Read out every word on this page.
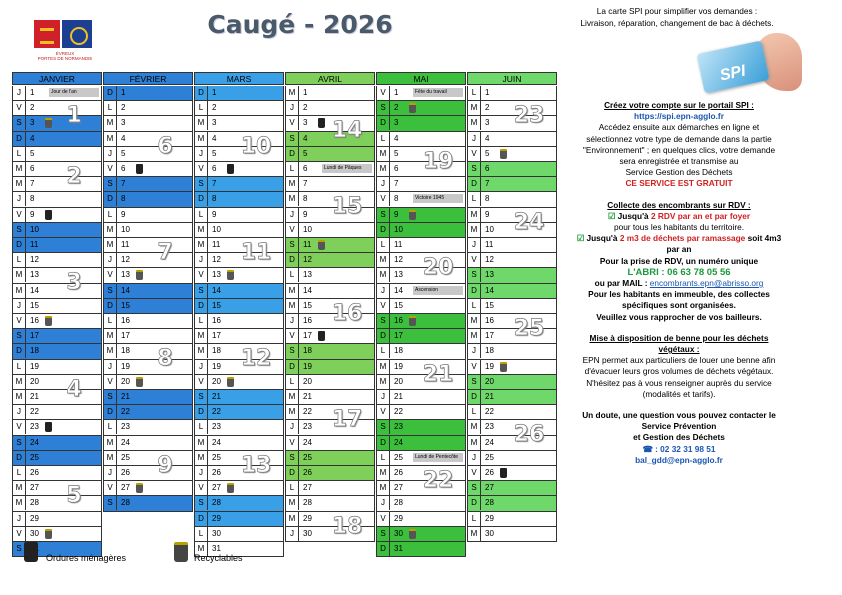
ÉVREUX
PORTES DE NORMANDIE
Caugé - 2026	La carte SPI pour simplifier vos demandes :
Livraison, réparation, changement de bac à déchets.
SPI
JANVIER
J	1	Jour de l'an
V	2
S	3
D	4
L	5
M 6
M 7
J	8
V	9
S	10
D	11
L	12
M 13
M 14
J	15
V	16
S	17
D	18
L	19
M 20
M 21
J	22
V	23
S	24
D	25
L	26
M 27
M 28
J	29
V	30
S
1
2
3
4
5
FÉVRIER
D	1
L	2
M 3
M 4
J	5
V	6
S	7
D	8
L	9
M 10
M 11
J	12
V	13
S	14
D	15
L	16
M 17
M 18
J	19
V	20
S	21
D	22
L	23
M 24
M 25
J	26
V	27
S	28
6
7
8
9
MARS
D	1
L	2
M 3
M 4
J	5
V	6
S	7
D	8
L	9
M 10
M 11
J	12
V	13
S	14
D	15
L	16
M 17
M 18
J	19
V	20
S	21
D	22
L	23
M 24
M 25
J	26
V	27
S	28
D	29
L	30
M 31
10
11
12
13
AVRIL
M 1
J	2
V	3
S	4
D	5
L	6	Lundi de Pâques
M 7
M 8
J	9
V	10
S	11
D	12
L	13
M 14
M 15
J	16
V	17
S	18
D	19
L	20
M 21
M 22
J	23
V	24
S	25
D	26
L	27
M 28
M 29
J	30
14
15
16
17
18
MAI
V	1	Fête du travail
S	2
D	3
L	4
M 5
M 6
J	7
V	8	Victoire 1945
S	9
D	10
L	11
M 12
M 13
J	14	Ascension
V	15
S	16
D	17
L	18
M 19
M 20
J	21
V	22
S	23
D	24
L	25	Lundi de Pentecôte
M 26
M 27
J	28
V	29
S	30
D	31
19
20
21
22
JUIN
L	1
M 2
M 3
J	4
V	5
S	6
D	7
L	8
M 9
M 10
J	11
V	12
S	13
D	14
L	15
M 16
M 17
J	18
V	19
S	20
D	21
L	22
M 23
M 24
J	25
V	26
S	27
D	28
L	29
M 30
23
24
25
26
Ordures ménagères	Recyclables
Créez votre compte sur le portail SPI :
https://spi.epn-agglo.fr
Accédez ensuite aux démarches en ligne et
sélectionnez votre type de demande dans la partie
"Environnement" ; en quelques clics, votre demande
sera enregistrée et transmise au
Service Gestion des Déchets
CE SERVICE EST GRATUIT
Collecte des encombrants sur RDV :
☑ Jusqu'à 2 RDV par an et par foyer
pour tous les habitants du territoire.
☑ Jusqu'à 2 m3 de déchets par ramassage soit 4m3
par an
Pour la prise de RDV, un numéro unique
L'ABRI : 06 63 78 05 56
ou par MAIL : encombrants.epn@abrisso.org
Pour les habitants en immeuble, des collectes
spécifiques sont organisées.
Veuillez vous rapprocher de vos bailleurs.
Mise à disposition de benne pour les déchets
végétaux :
EPN permet aux particuliers de louer une benne afin
d'évacuer leurs gros volumes de déchets végétaux.
N'hésitez pas à vous renseigner auprès du service
(modalités et tarifs).
Un doute, une question vous pouvez contacter le
Service Prévention
et Gestion des Déchets
☎ : 02 32 31 98 51
bal_gdd@epn-agglo.fr
